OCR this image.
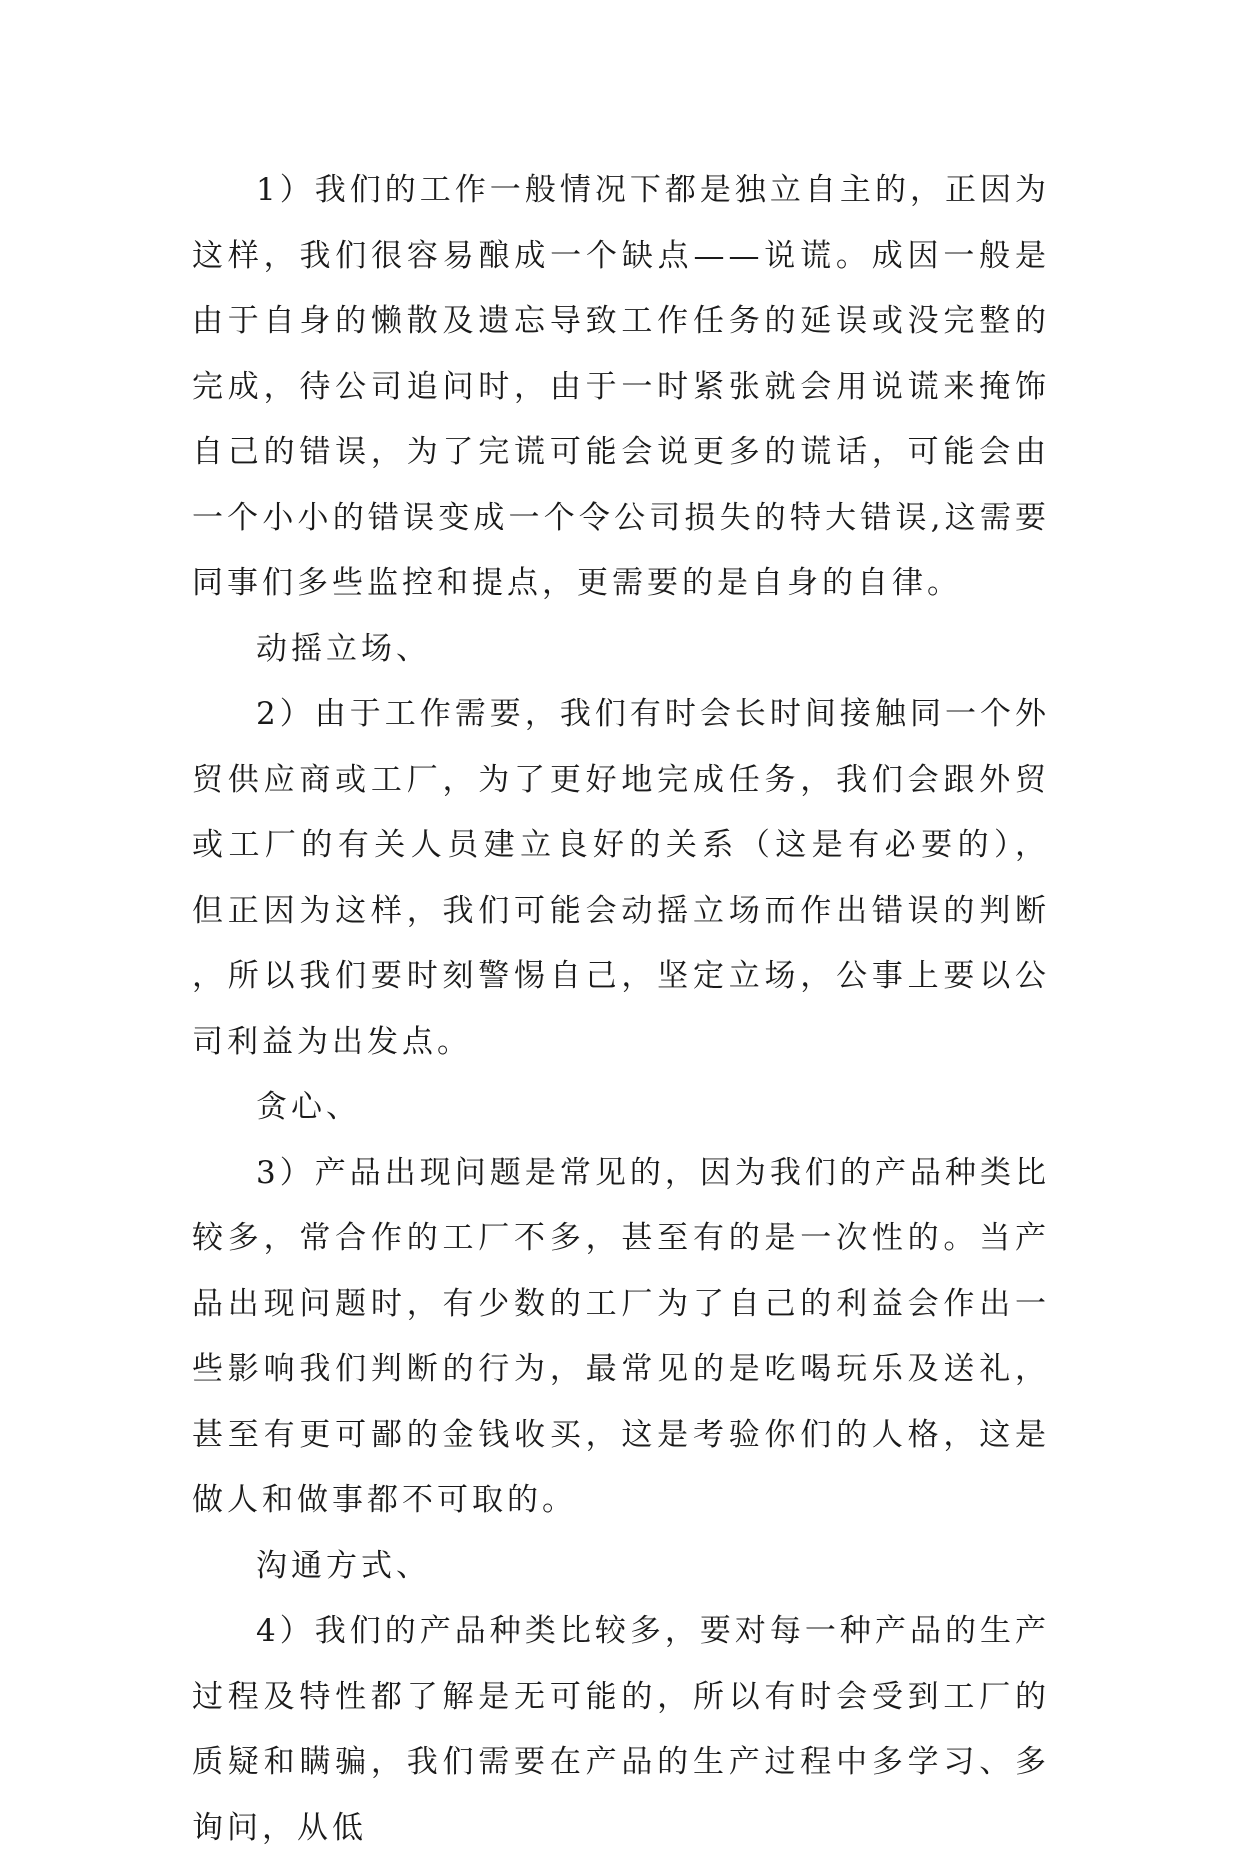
1）我们的工作一般情况下都是独立自主的，正因为这样，我们很容易酿成一个缺点——说谎。成因一般是由于自身的懒散及遗忘导致工作任务的延误或没完整的完成，待公司追问时，由于一时紧张就会用说谎来掩饰自己的错误，为了完谎可能会说更多的谎话，可能会由一个小小的错误变成一个令公司损失的特大错误,这需要同事们多些监控和提点，更需要的是自身的自律。

动摇立场、

2）由于工作需要，我们有时会长时间接触同一个外贸供应商或工厂，为了更好地完成任务，我们会跟外贸或工厂的有关人员建立良好的关系（这是有必要的），但正因为这样，我们可能会动摇立场而作出错误的判断，所以我们要时刻警惕自己，坚定立场，公事上要以公司利益为出发点。

贪心、

3）产品出现问题是常见的，因为我们的产品种类比较多，常合作的工厂不多，甚至有的是一次性的。当产品出现问题时，有少数的工厂为了自己的利益会作出一些影响我们判断的行为，最常见的是吃喝玩乐及送礼，甚至有更可鄙的金钱收买，这是考验你们的人格，这是做人和做事都不可取的。

沟通方式、

4）我们的产品种类比较多，要对每一种产品的生产过程及特性都了解是无可能的，所以有时会受到工厂的质疑和瞒骗，我们需要在产品的生产过程中多学习、多询问，从低
